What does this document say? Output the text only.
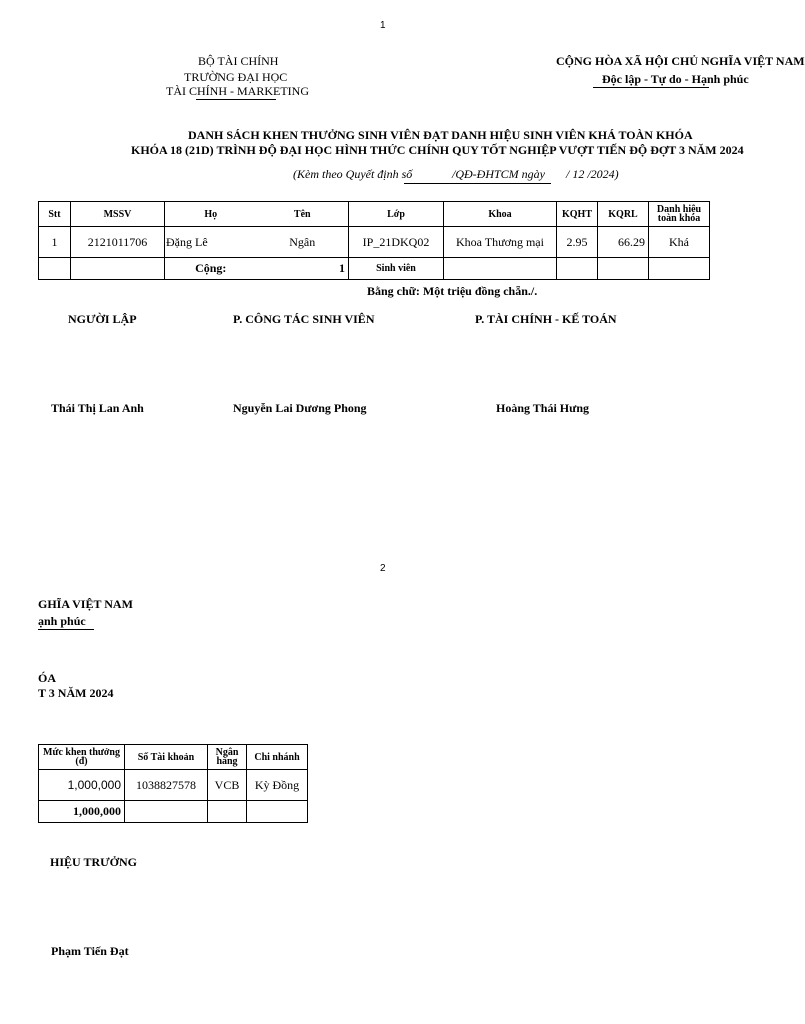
1
BỘ TÀI CHÍNH
TRƯỜNG ĐẠI HỌC
TÀI CHÍNH - MARKETING
CỘNG HÒA XÃ HỘI CHỦ NGHĨA VIỆT NAM
Độc lập - Tự do - Hạnh phúc
DANH SÁCH KHEN THƯỞNG SINH VIÊN ĐẠT DANH HIỆU SINH VIÊN KHÁ TOÀN KHÓA
KHÓA 18 (21D) TRÌNH ĐỘ ĐẠI HỌC HÌNH THỨC CHÍNH QUY TỐT NGHIỆP VƯỢT TIẾN ĐỘ ĐỢT 3 NĂM 2024
(Kèm theo Quyết định số	/QĐ-ĐHTCM ngày / 12 /2024)
Stt	MSSV	Họ	Tên	Lớp	Khoa	KQHT	KQRL	Danh hiệu toàn khóa
1	2121011706	Đặng Lê	Ngân	IP_21DKQ02	Khoa Thương mại	2.95	66.29	Khá
		Cộng:	1	Sinh viên				
Bằng chữ: Một triệu đồng chẵn./.
NGƯỜI LẬP	P. CÔNG TÁC SINH VIÊN	P. TÀI CHÍNH - KẾ TOÁN
Thái Thị Lan Anh	Nguyễn Lai Dương Phong	Hoàng Thái Hưng
2
GHĨA VIỆT NAM
ạnh phúc
ÓA
T 3 NĂM 2024
Mức khen thưởng (đ)	Số Tài khoản	Ngân hàng	Chi nhánh
1,000,000	1038827578	VCB	Kỳ Đồng
1,000,000			
HIỆU TRƯỞNG
Phạm Tiến Đạt
